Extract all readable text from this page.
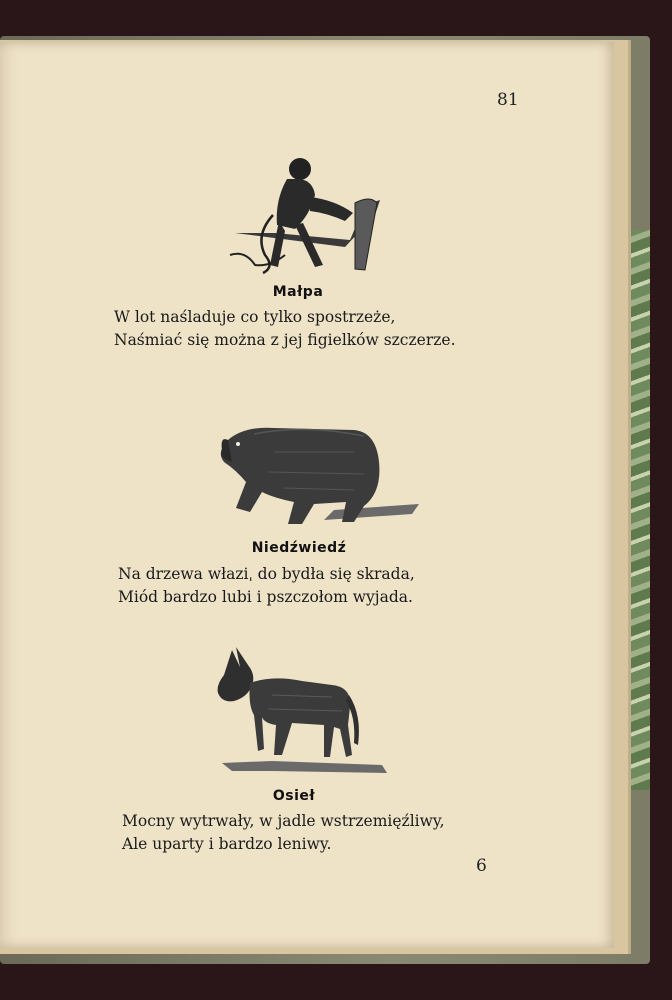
81
Małpa
W lot naśladuje co tylko spostrzeże,
Naśmiać się można z jej figielków szczerze.
Niedźwiedź
Na drzewa właziˌ do bydła się skrada,
Miód bardzo lubi i pszczołom wyjada.
Osieł
Mocny wytrwały, w jadle wstrzemięźliwy,
Ale uparty i bardzo leniwy.
6
